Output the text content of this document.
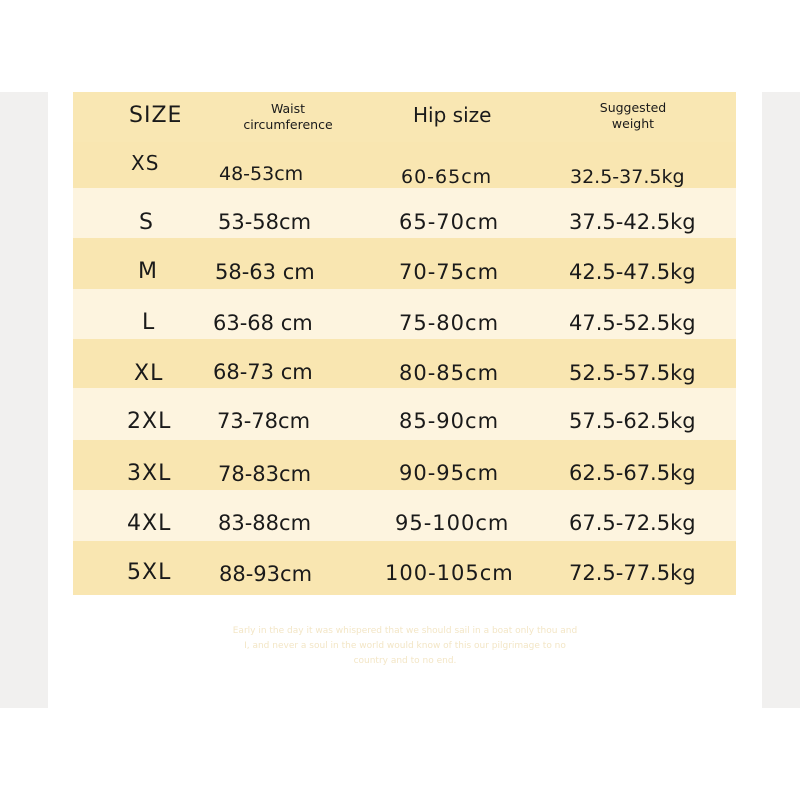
SIZE	Waist circumference	Hip size	Suggested weight
XS	48-53cm	60-65cm	32.5-37.5kg
S	53-58cm	65-70cm	37.5-42.5kg
M	58-63 cm	70-75cm	42.5-47.5kg
L	63-68 cm	75-80cm	47.5-52.5kg
XL 68-73 cm	80-85cm	52.5-57.5kg
2XL 73-78cm	85-90cm	57.5-62.5kg
3XL 78-83cm	90-95cm	62.5-67.5kg
4XL 83-88cm	95-100cm	67.5-72.5kg
5XL 88-93cm	100-105cm	72.5-77.5kg
Early in the day it was whispered that we should sail in a boat only thou and I, and never a soul in the world would know of this our pilgrimage to no country and to no end.
